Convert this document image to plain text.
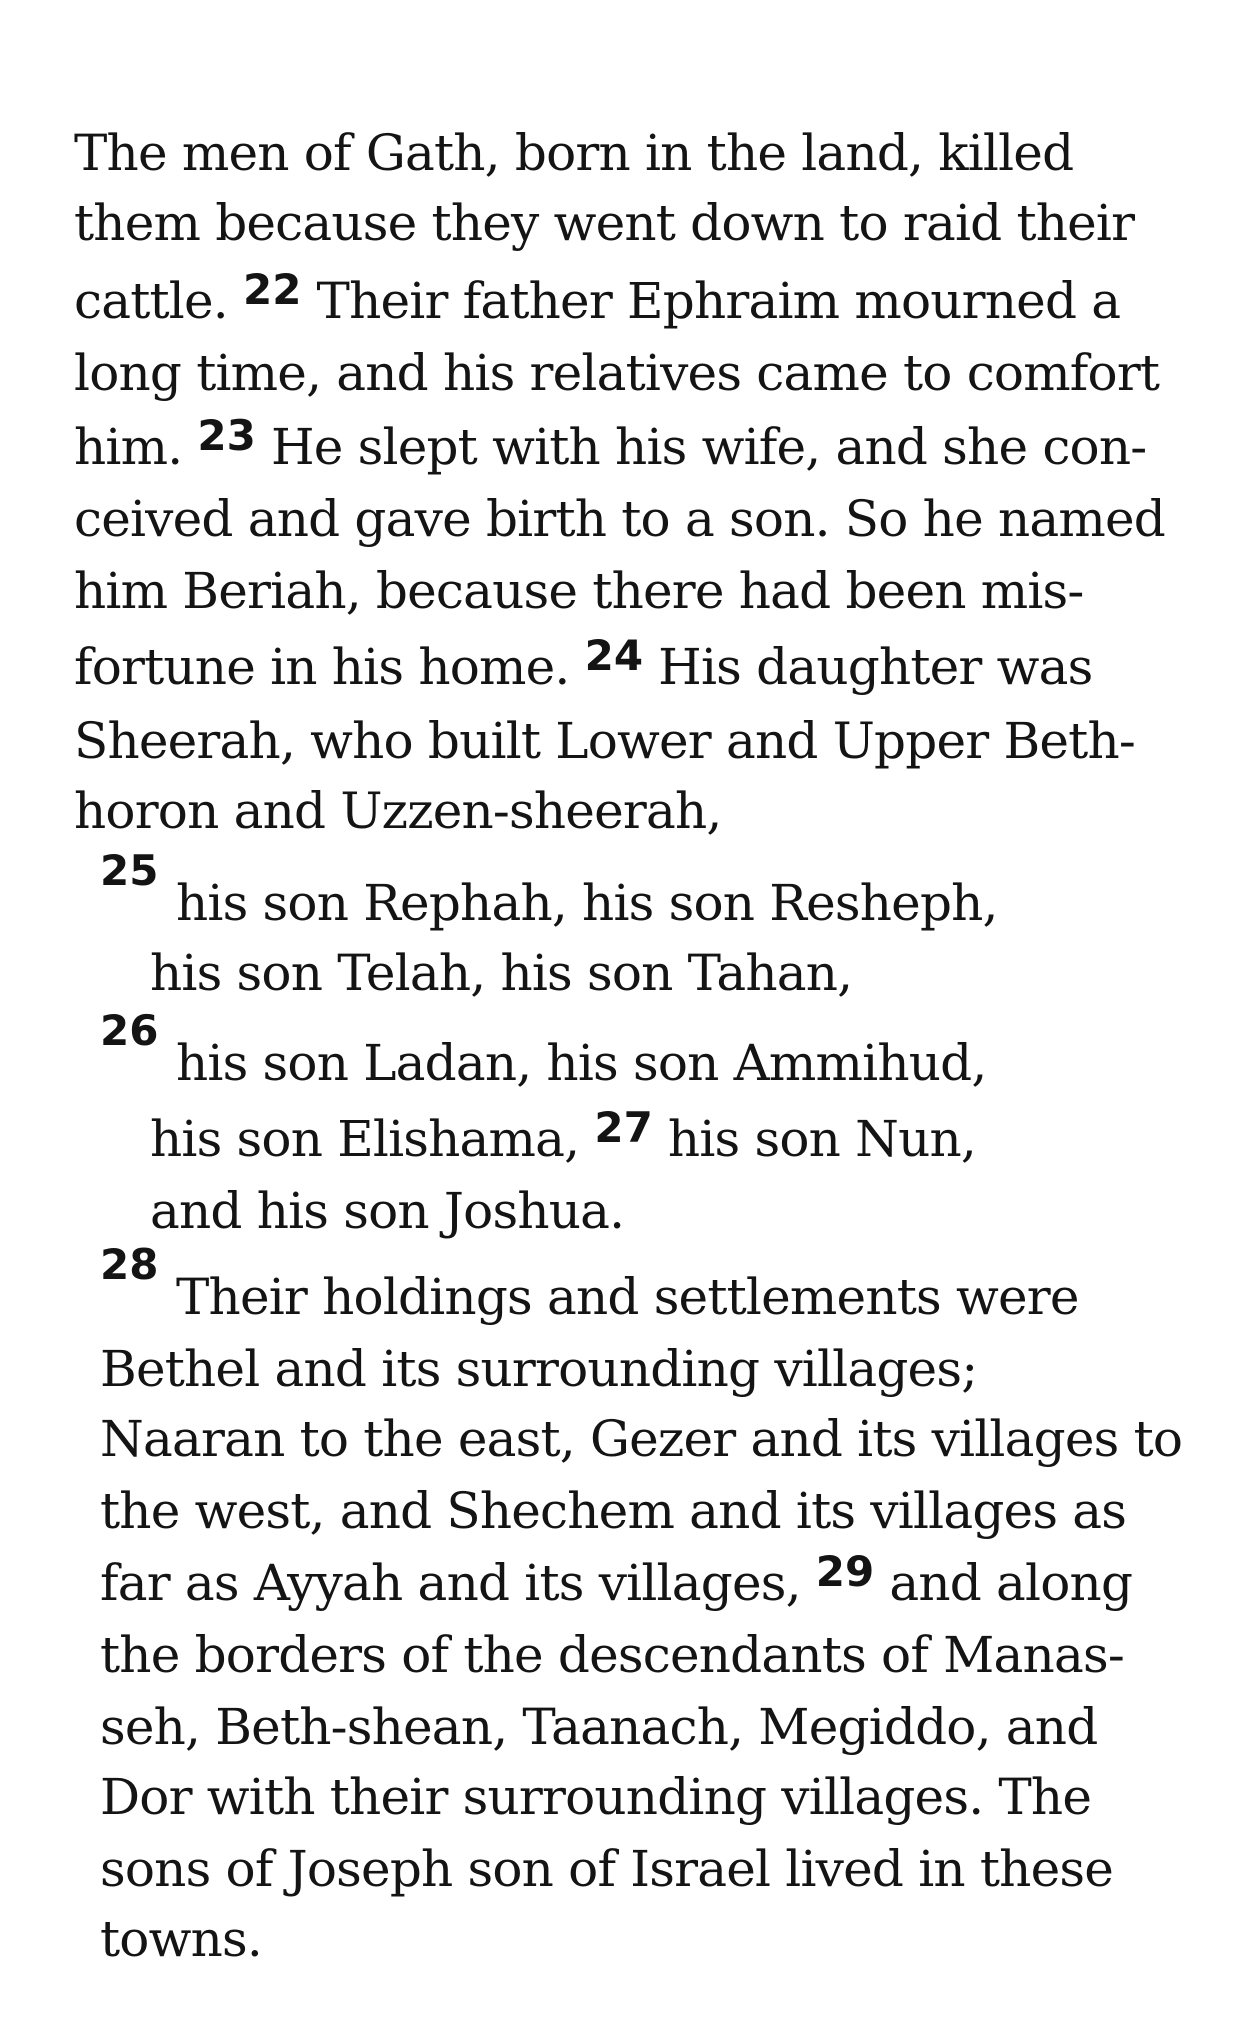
The men of Gath, born in the land, killed
them because they went down to raid their
cattle. $^{22}$ Their father Ephraim mourned a
long time, and his relatives came to comfort
him. $^{23}$ He slept with his wife, and she con-
ceived and gave birth to a son. So he named
him Beriah, because there had been mis-
fortune in his home. $^{24}$ His daughter was
Sheerah, who built Lower and Upper Beth-
horon and Uzzen-sheerah,
25
his son Rephah, his son Resheph,
his son Telah, his son Tahan,
26
his son Ladan, his son Ammihud,
his son Elishama, $^{27}$ his son Nun,
and his son Joshua.
28
Their holdings and settlements were
Bethel and its surrounding villages;
Naaran to the east, Gezer and its villages to
the west, and Shechem and its villages as
far as Ayyah and its villages, $^{29}$ and along
the borders of the descendants of Manas-
seh, Beth-shean, Taanach, Megiddo, and
Dor with their surrounding villages. The
sons of Joseph son of Israel lived in these
towns.
